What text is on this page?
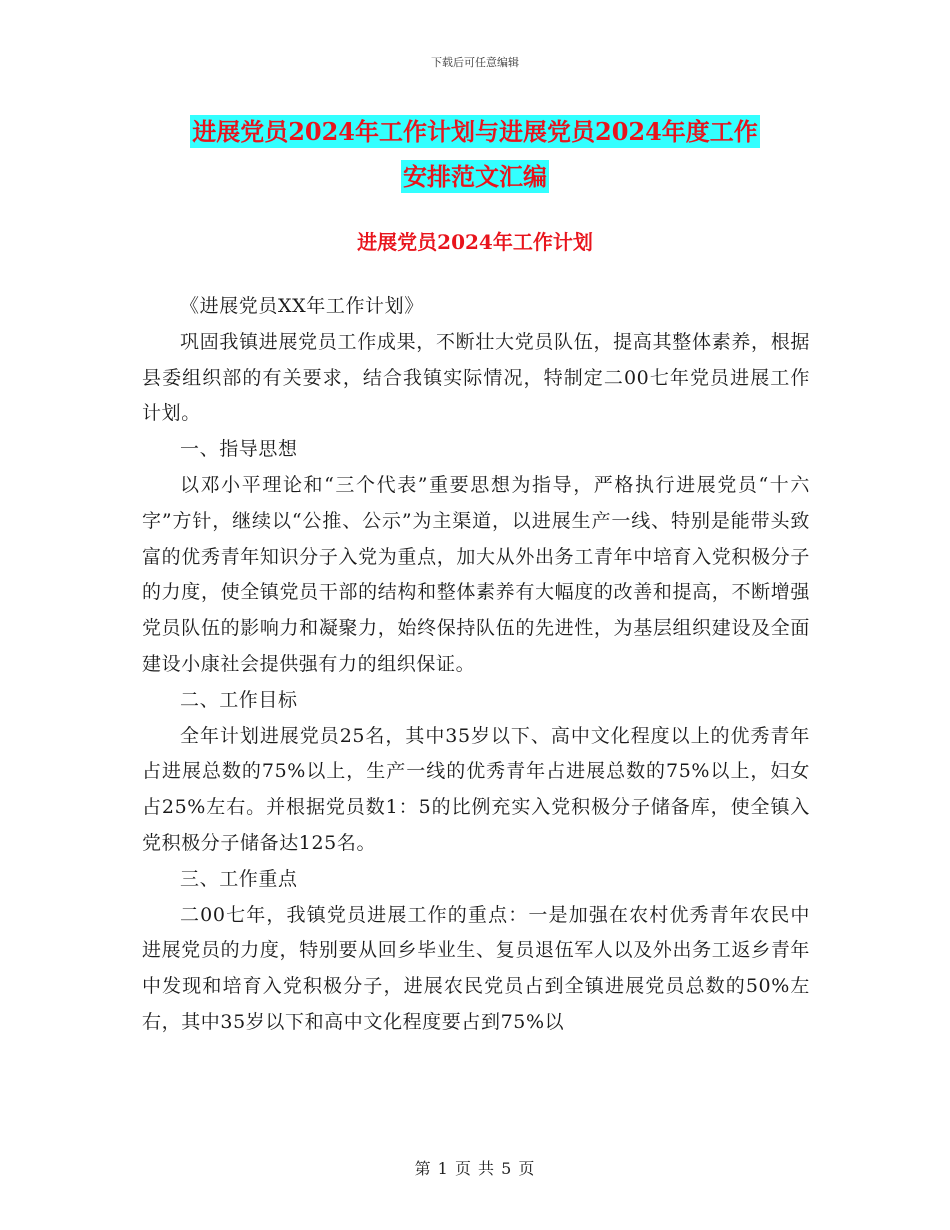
下载后可任意编辑
进展党员2024年工作计划与进展党员2024年度工作
安排范文汇编
进展党员2024年工作计划

《进展党员XX年工作计划》

巩固我镇进展党员工作成果，不断壮大党员队伍，提高其整体素养，根据县委组织部的有关要求，结合我镇实际情况，特制定二00七年党员进展工作计划。

一、指导思想

以邓小平理论和“三个代表”重要思想为指导，严格执行进展党员“十六字”方针，继续以“公推、公示”为主渠道，以进展生产一线、特别是能带头致富的优秀青年知识分子入党为重点，加大从外出务工青年中培育入党积极分子的力度，使全镇党员干部的结构和整体素养有大幅度的改善和提高，不断增强党员队伍的影响力和凝聚力，始终保持队伍的先进性，为基层组织建设及全面建设小康社会提供强有力的组织保证。

二、工作目标

全年计划进展党员25名，其中35岁以下、高中文化程度以上的优秀青年占进展总数的75%以上，生产一线的优秀青年占进展总数的75%以上，妇女占25%左右。并根据党员数1：5的比例充实入党积极分子储备库，使全镇入党积极分子储备达125名。

三、工作重点

二00七年，我镇党员进展工作的重点：一是加强在农村优秀青年农民中进展党员的力度，特别要从回乡毕业生、复员退伍军人以及外出务工返乡青年中发现和培育入党积极分子，进展农民党员占到全镇进展党员总数的50%左右，其中35岁以下和高中文化程度要占到75%以

第 1 页 共 5 页
